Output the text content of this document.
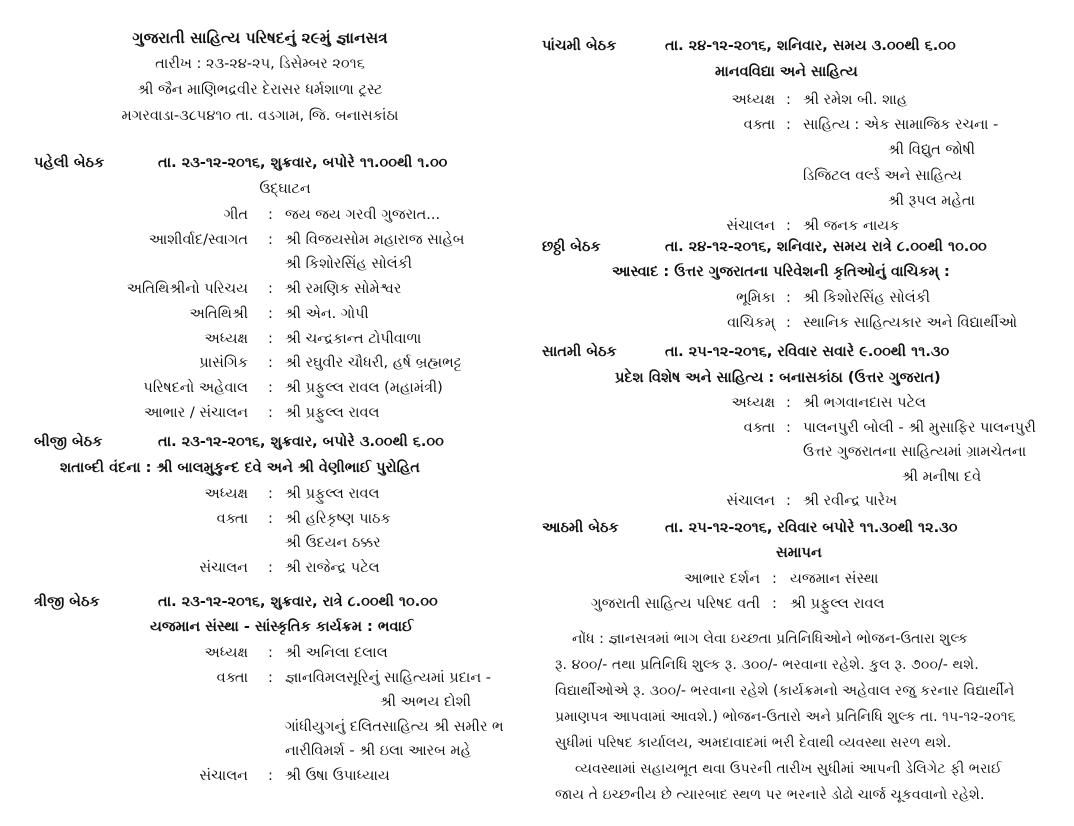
ગુજરાતી સાહિત્ય પરિષદનું ૨૯મું જ્ઞાનસત્ર
તારીખ : ૨૩-૨૪-૨૫, ડિસેમ્બર ૨૦૧૬
શ્રી જૈન માણિભદ્રવીર દેરાસર ધર્મશાળા ટ્રસ્ટ
મગરવાડા-૩૮૫૪૧૦ તા. વડગામ, જિ. બનાસકાંઠા
પહેલી બેઠક	તા. ૨૩-૧૨-૨૦૧૬, શુક્રવાર, બપોરે ૧૧.૦૦થી ૧.૦૦
ઉદ્‌ઘાટન
ગીત : જય જય ગરવી ગુજરાત...
આશીર્વાદ/સ્વાગત : શ્રી વિજયસોમ મહારાજ સાહેબ
શ્રી કિશોરસિંહ સોલંકી
અતિથિશ્રીનો પરિચય : શ્રી રમણિક સોમેશ્વર
અતિથિશ્રી : શ્રી એન. ગોપી
અધ્યક્ષ : શ્રી ચન્દ્રકાન્ત ટોપીવાળા
પ્રાસંગિક : શ્રી રઘુવીર ચૌધરી, હર્ષ બ્રહ્મભટ્ટ
પરિષદનો અહેવાલ : શ્રી પ્રફુલ્લ રાવલ (મહામંત્રી)
આભાર / સંચાલન : શ્રી પ્રફુલ્લ રાવલ
બીજી બેઠક	તા. ૨૩-૧૨-૨૦૧૬, શુક્રવાર, બપોરે ૩.૦૦થી ૬.૦૦
શતાબ્દી વંદના : શ્રી બાલમુકુન્દ દવે અને શ્રી વેણીભાઈ પુરોહિત
અધ્યક્ષ : શ્રી પ્રફુલ્લ રાવલ
વક્તા : શ્રી હરિકૃષ્ણ પાઠક
શ્રી ઉદયન ઠક્કર
સંચાલન : શ્રી રાજેન્દ્ર પટેલ
ત્રીજી બેઠક	તા. ૨૩-૧૨-૨૦૧૬, શુક્રવાર, રાત્રે ૮.૦૦થી ૧૦.૦૦
યજમાન સંસ્થા - સાંસ્કૃતિક કાર્યક્રમ : ભવાઈ
અધ્યક્ષ : શ્રી અનિલા દલાલ
વક્તા : જ્ઞાનવિમલસૂરિનું સાહિત્યમાં પ્રદાન -
શ્રી અભય દોશી
ગાંધીયુગનું દલિતસાહિત્ય શ્રી સમીર ભ
નારીવિમર્શ - શ્રી ઇલા આરબ મહે
સંચાલન : શ્રી ઉષા ઉપાધ્યાય
પાંચમી બેઠક	તા. ૨૪-૧૨-૨૦૧૬, શનિવાર, સમય ૩.૦૦થી ૬.૦૦
માનવવિદ્યા અને સાહિત્ય
અધ્યક્ષ : શ્રી રમેશ બી. શાહ
વક્તા : સાહિત્ય : એક સામાજિક રચના -
શ્રી વિદ્યુત જોષી
ડિજિટલ વર્લ્ડ અને સાહિત્ય
શ્રી રૂપલ મહેતા
સંચાલન : શ્રી જનક નાયક
છઠ્ઠી બેઠક	તા. ૨૪-૧૨-૨૦૧૬, શનિવાર, સમય રાત્રે ૮.૦૦થી ૧૦.૦૦
આસ્વાદ : ઉત્તર ગુજરાતના પરિવેશની કૃતિઓનું વાચિકમ્ :
ભૂમિકા : શ્રી કિશોરસિંહ સોલંકી
વાચિકમ્ : સ્થાનિક સાહિત્યકાર અને વિદ્યાર્થીઓ
સાતમી બેઠક	તા. ૨૫-૧૨-૨૦૧૬, રવિવાર સવારે ૯.૦૦થી ૧૧.૩૦
પ્રદેશ વિશેષ અને સાહિત્ય : બનાસકાંઠા (ઉત્તર ગુજરાત)
અધ્યક્ષ : શ્રી ભગવાનદાસ પટેલ
વક્તા : પાલનપુરી બોલી - શ્રી મુસાફિર પાલનપુરી
ઉત્તર ગુજરાતના સાહિત્યમાં ગ્રામચેતના
શ્રી મનીષા દવે
સંચાલન : શ્રી રવીન્દ્ર પારેખ
આઠમી બેઠક	તા. ૨૫-૧૨-૨૦૧૬, રવિવાર બપોરે ૧૧.૩૦થી ૧૨.૩૦
સમાપન
આભાર દર્શન : યજમાન સંસ્થા
ગુજરાતી સાહિત્ય પરિષદ વતી : શ્રી પ્રફુલ્લ રાવલ
નોંધ : જ્ઞાનસત્રમાં ભાગ લેવા ઇચ્છતા પ્રતિનિધિઓને ભોજન-ઉતારા શુલ્ક
રૂ. ૪૦૦/- તથા પ્રતિનિધિ શુલ્ક રૂ. ૩૦૦/- ભરવાના રહેશે. કુલ રૂ. ૭૦૦/- થશે.
વિદ્યાર્થીઓએ રૂ. ૩૦૦/- ભરવાના રહેશે (કાર્યક્રમનો અહેવાલ રજુ કરનાર વિદ્યાર્થીને
પ્રમાણપત્ર આપવામાં આવશે.) ભોજન-ઉતારો અને પ્રતિનિધિ શુલ્ક તા. ૧૫-૧૨-૨૦૧૬
સુધીમાં પરિષદ કાર્યાલય, અમદાવાદમાં ભરી દેવાથી વ્યવસ્થા સરળ થશે.
વ્યવસ્થામાં સહાયભૂત થવા ઉપરની તારીખ સુધીમાં આપની ડેલિગેટ ફી ભરાઈ
જાય તે ઇચ્છનીય છે ત્યારબાદ સ્થળ પર ભરનારે ડોઢો ચાર્જ ચૂકવવાનો રહેશે.
